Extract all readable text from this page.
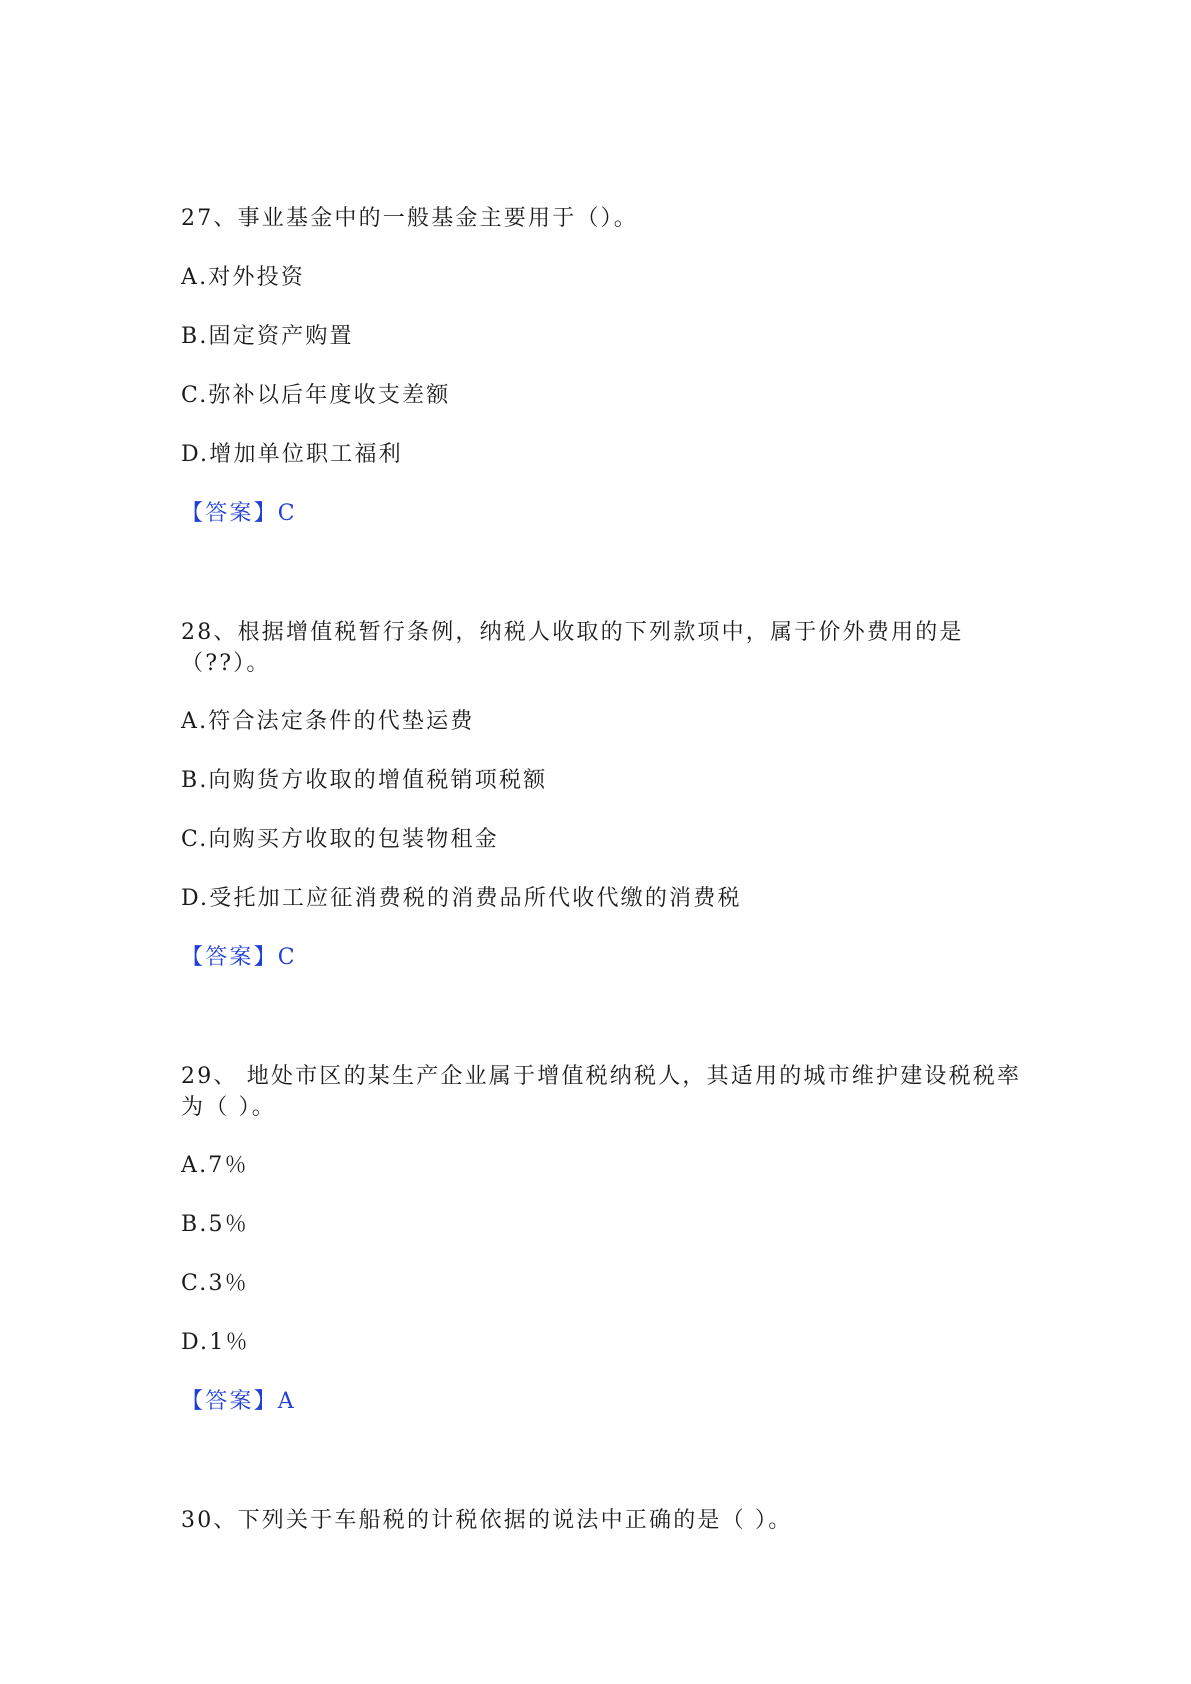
27、事业基金中的一般基金主要用于（）。
A.对外投资
B.固定资产购置
C.弥补以后年度收支差额
D.增加单位职工福利
【答案】C
28、根据增值税暂行条例，纳税人收取的下列款项中，属于价外费用的是
（??）。
A.符合法定条件的代垫运费
B.向购货方收取的增值税销项税额
C.向购买方收取的包装物租金
D.受托加工应征消费税的消费品所代收代缴的消费税
【答案】C
29、 地处市区的某生产企业属于增值税纳税人，其适用的城市维护建设税税率
为（ ）。
A.7％
B.5％
C.3％
D.1％
【答案】A
30、下列关于车船税的计税依据的说法中正确的是（ ）。
